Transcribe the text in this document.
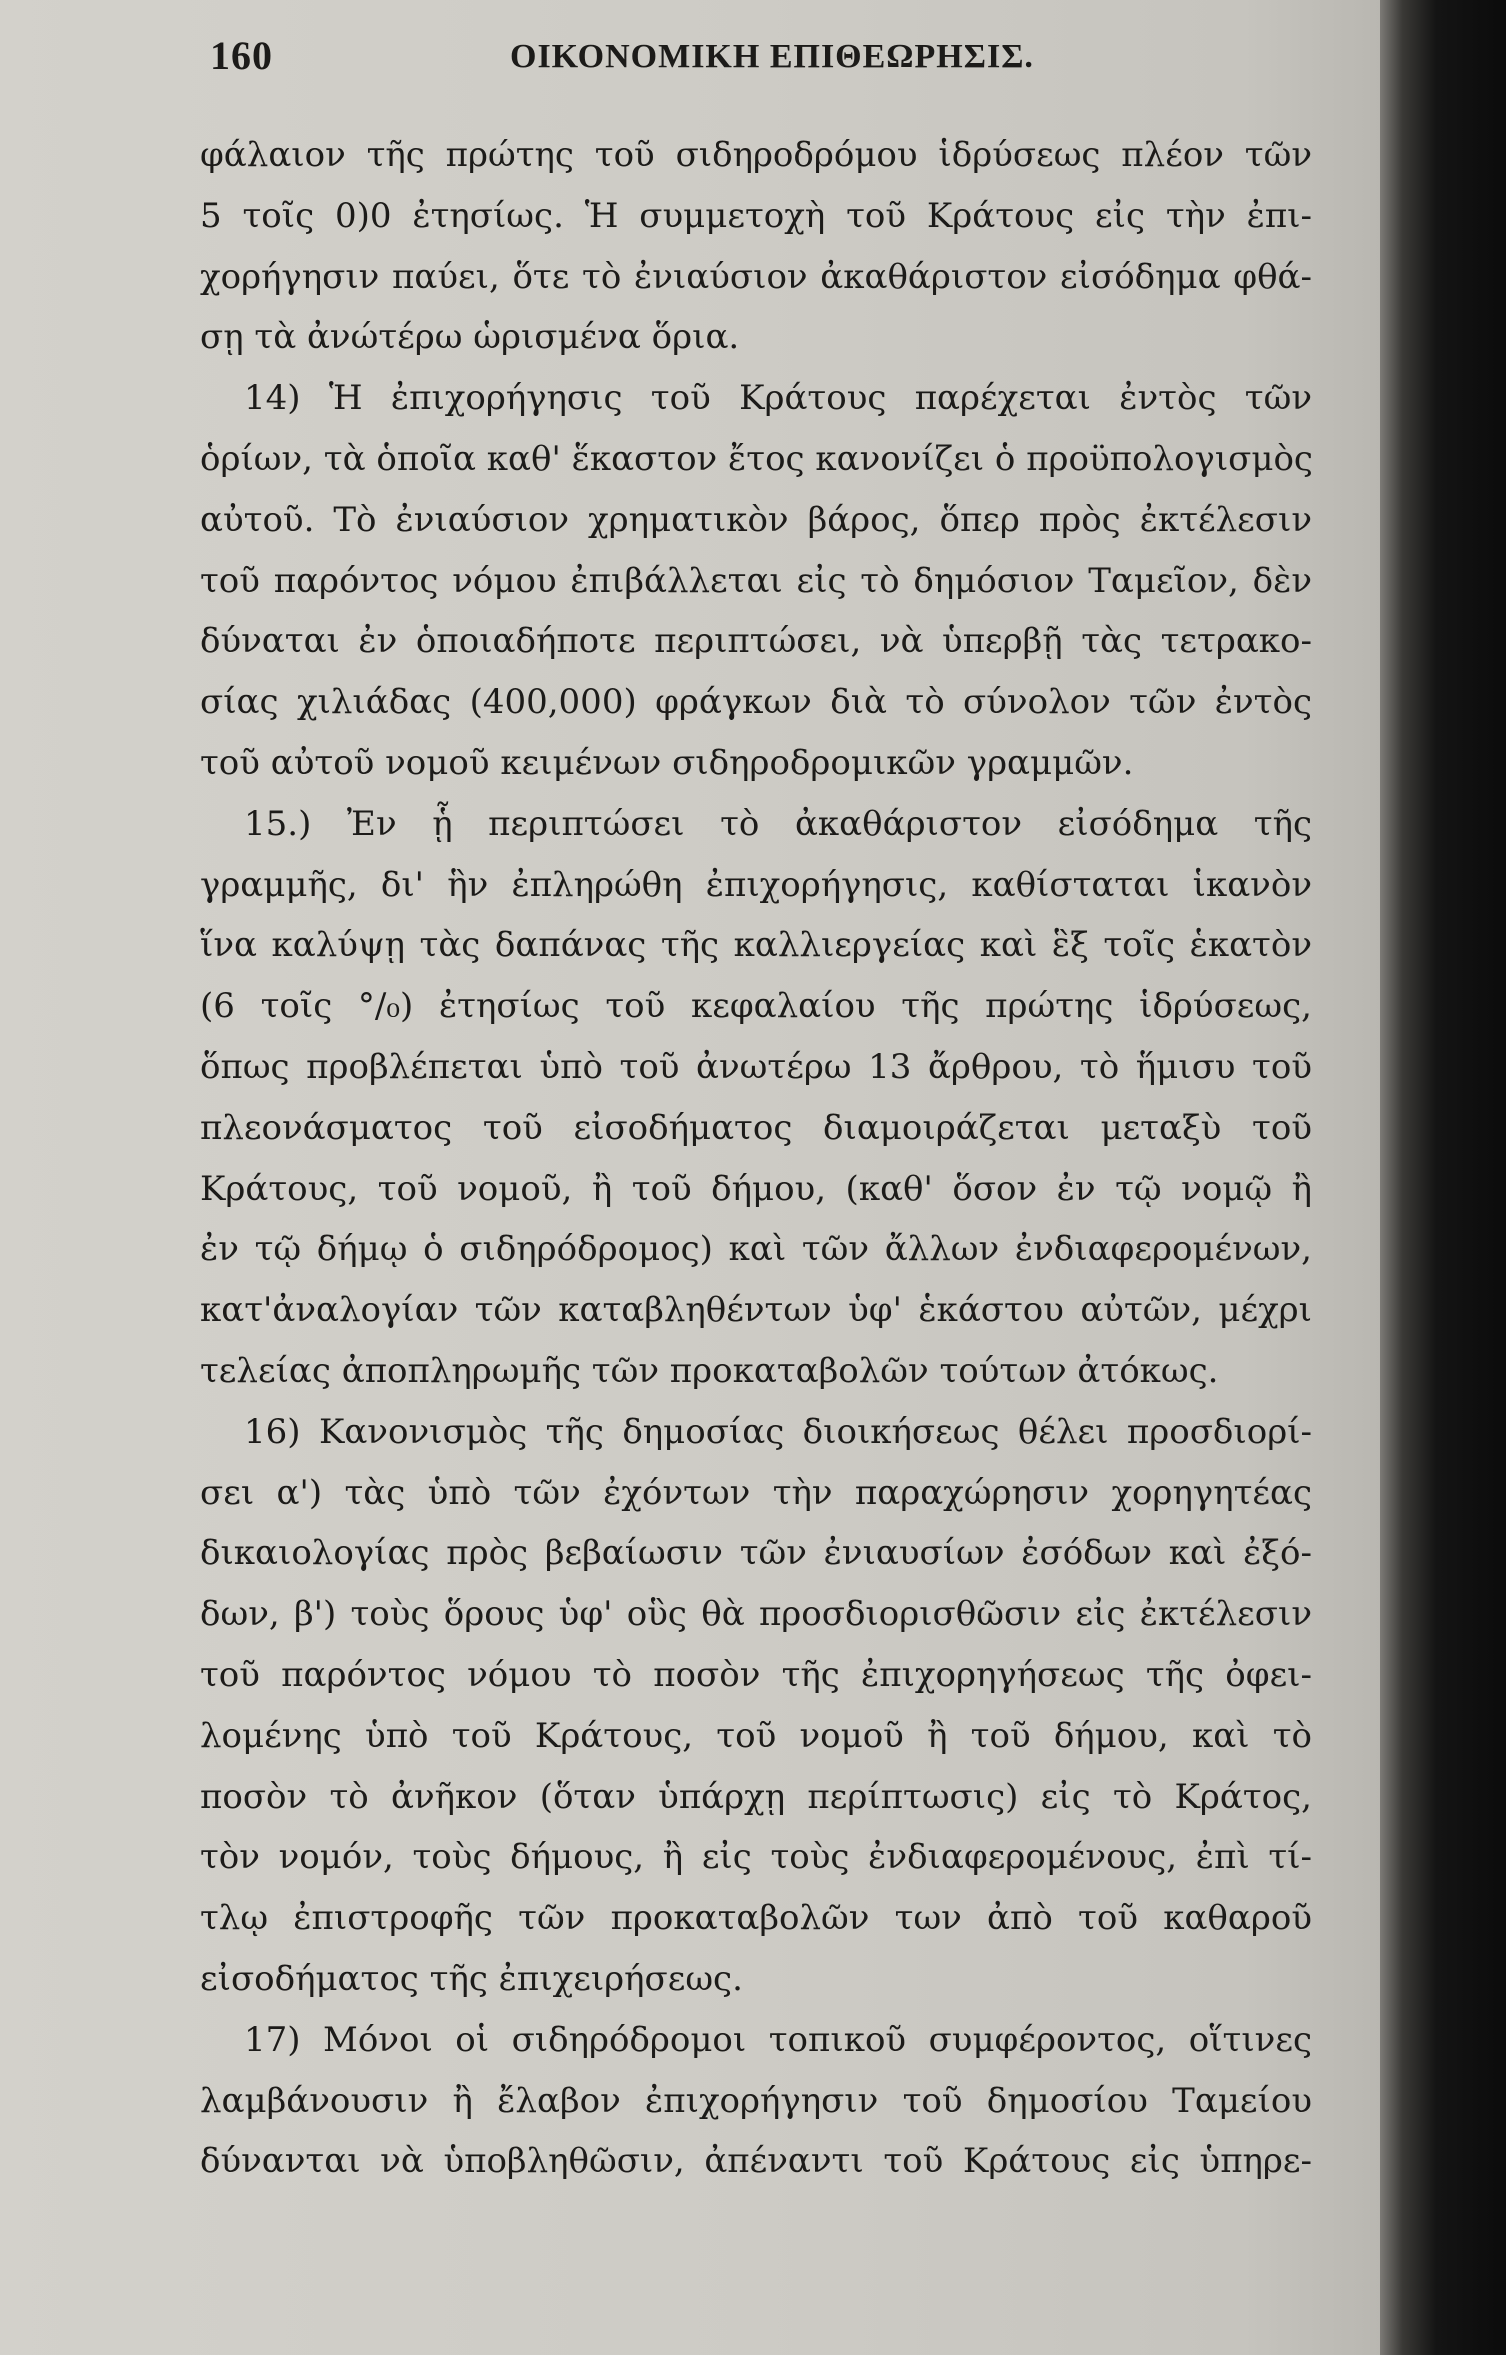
160	ΟΙΚΟΝΟΜΙΚΗ ΕΠΙΘΕΩΡΗΣΙΣ.
φάλαιον τῆς πρώτης τοῦ σιδηροδρόμου ἱδρύσεως πλέον τῶν
5 τοῖς 0)0 ἐτησίως. Ἡ συμμετοχὴ τοῦ Κράτους εἰς τὴν ἐπι-
χορήγησιν παύει, ὅτε τὸ ἐνιαύσιον ἀκαθάριστον εἰσόδημα φθά-
σῃ τὰ ἀνώτέρω ὡρισμένα ὅρια.
14) Ἡ ἐπιχορήγησις τοῦ Κράτους παρέχεται ἐντὸς τῶν
ὁρίων, τὰ ὁποῖα καθ' ἕκαστον ἔτος κανονίζει ὁ προϋπολογισμὸς
αὐτοῦ. Τὸ ἐνιαύσιον χρηματικὸν βάρος, ὅπερ πρὸς ἐκτέλεσιν
τοῦ παρόντος νόμου ἐπιβάλλεται εἰς τὸ δημόσιον Ταμεῖον, δὲν
δύναται ἐν ὁποιαδήποτε περιπτώσει, νὰ ὑπερβῇ τὰς τετρακο-
σίας χιλιάδας (400,000) φράγκων διὰ τὸ σύνολον τῶν ἐντὸς
τοῦ αὐτοῦ νομοῦ κειμένων σιδηροδρομικῶν γραμμῶν.
15.) Ἐν ᾗ περιπτώσει τὸ ἀκαθάριστον εἰσόδημα τῆς
γραμμῆς, δι' ἣν ἐπληρώθη ἐπιχορήγησις, καθίσταται ἱκανὸν
ἵνα καλύψῃ τὰς δαπάνας τῆς καλλιεργείας καὶ ἓξ τοῖς ἑκατὸν
(6 τοῖς °/₀) ἐτησίως τοῦ κεφαλαίου τῆς πρώτης ἱδρύσεως,
ὅπως προβλέπεται ὑπὸ τοῦ ἀνωτέρω 13 ἄρθρου, τὸ ἥμισυ τοῦ
πλεονάσματος τοῦ εἰσοδήματος διαμοιράζεται μεταξὺ τοῦ
Κράτους, τοῦ νομοῦ, ἢ τοῦ δήμου, (καθ' ὅσον ἐν τῷ νομῷ ἢ
ἐν τῷ δήμῳ ὁ σιδηρόδρομος) καὶ τῶν ἄλλων ἐνδιαφερομένων,
κατ'ἀναλογίαν τῶν καταβληθέντων ὑφ' ἑκάστου αὐτῶν, μέχρι
τελείας ἀποπληρωμῆς τῶν προκαταβολῶν τούτων ἀτόκως.
16) Κανονισμὸς τῆς δημοσίας διοικήσεως θέλει προσδιορί-
σει α') τὰς ὑπὸ τῶν ἐχόντων τὴν παραχώρησιν χορηγητέας
δικαιολογίας πρὸς βεβαίωσιν τῶν ἐνιαυσίων ἐσόδων καὶ ἐξό-
δων, β') τοὺς ὅρους ὑφ' οὓς θὰ προσδιορισθῶσιν εἰς ἐκτέλεσιν
τοῦ παρόντος νόμου τὸ ποσὸν τῆς ἐπιχορηγήσεως τῆς ὀφει-
λομένης ὑπὸ τοῦ Κράτους, τοῦ νομοῦ ἢ τοῦ δήμου, καὶ τὸ
ποσὸν τὸ ἀνῆκον (ὅταν ὑπάρχῃ περίπτωσις) εἰς τὸ Κράτος,
τὸν νομόν, τοὺς δήμους, ἢ εἰς τοὺς ἐνδιαφερομένους, ἐπὶ τί-
τλῳ ἐπιστροφῆς τῶν προκαταβολῶν των ἀπὸ τοῦ καθαροῦ
εἰσοδήματος τῆς ἐπιχειρήσεως.
17) Μόνοι οἱ σιδηρόδρομοι τοπικοῦ συμφέροντος, οἵτινες
λαμβάνουσιν ἢ ἔλαβον ἐπιχορήγησιν τοῦ δημοσίου Ταμείου
δύνανται νὰ ὑποβληθῶσιν, ἀπέναντι τοῦ Κράτους εἰς ὑπηρε-
